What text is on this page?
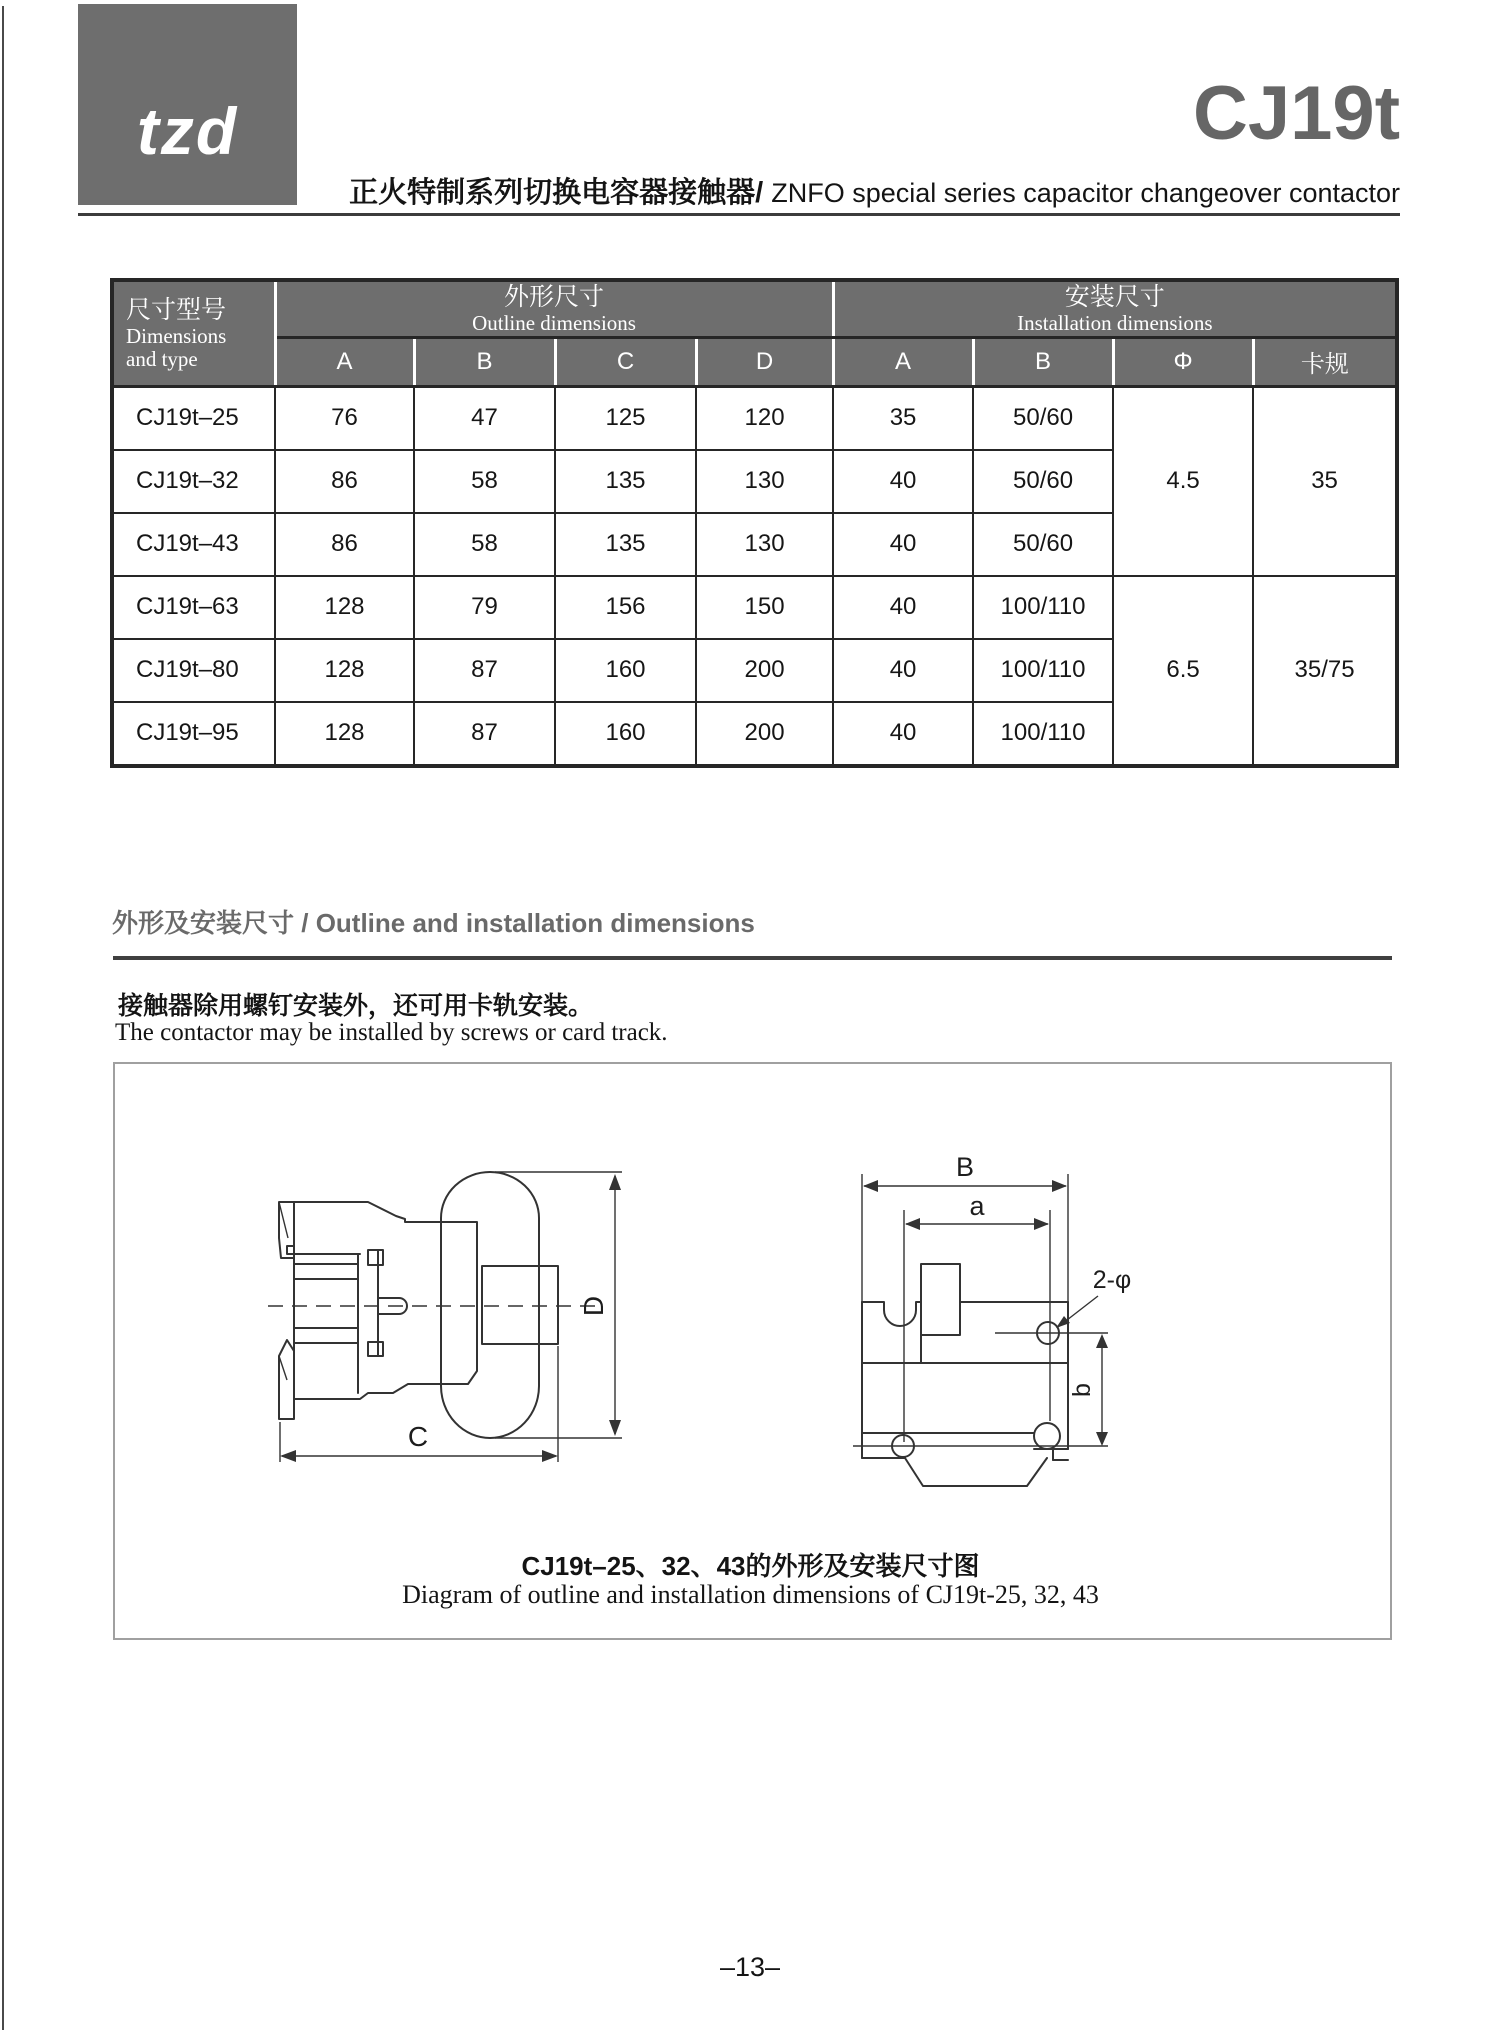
tzd	CJ19t
正火特制系列切换电容器接触器/ ZNFO special series capacitor changeover contactor
尺寸型号
Dimensions
and type	外形尺寸
Outline dimensions				安装尺寸
Installation dimensions			

	A	B	C	D	A	B	Φ	卡规
CJ19t–25	76	47	125	120	35	50/60	4.5	35
CJ19t–32	86	58	135	130	40	50/60		
CJ19t–43	86	58	135	130	40	50/60		
CJ19t–63	128	79	156	150	40	100/110	6.5	35/75
CJ19t–80	128	87	160	200	40	100/110		
CJ19t–95	128	87	160	200	40	100/110		
外形及安装尺寸 / Outline and installation dimensions
接触器除用螺钉安装外，还可用卡轨安装。
The contactor may be installed by screws or card track.
D
C
B
a
2-φ
b
CJ19t–25、32、43的外形及安装尺寸图
Diagram of outline and installation dimensions of CJ19t-25, 32, 43
–13–
